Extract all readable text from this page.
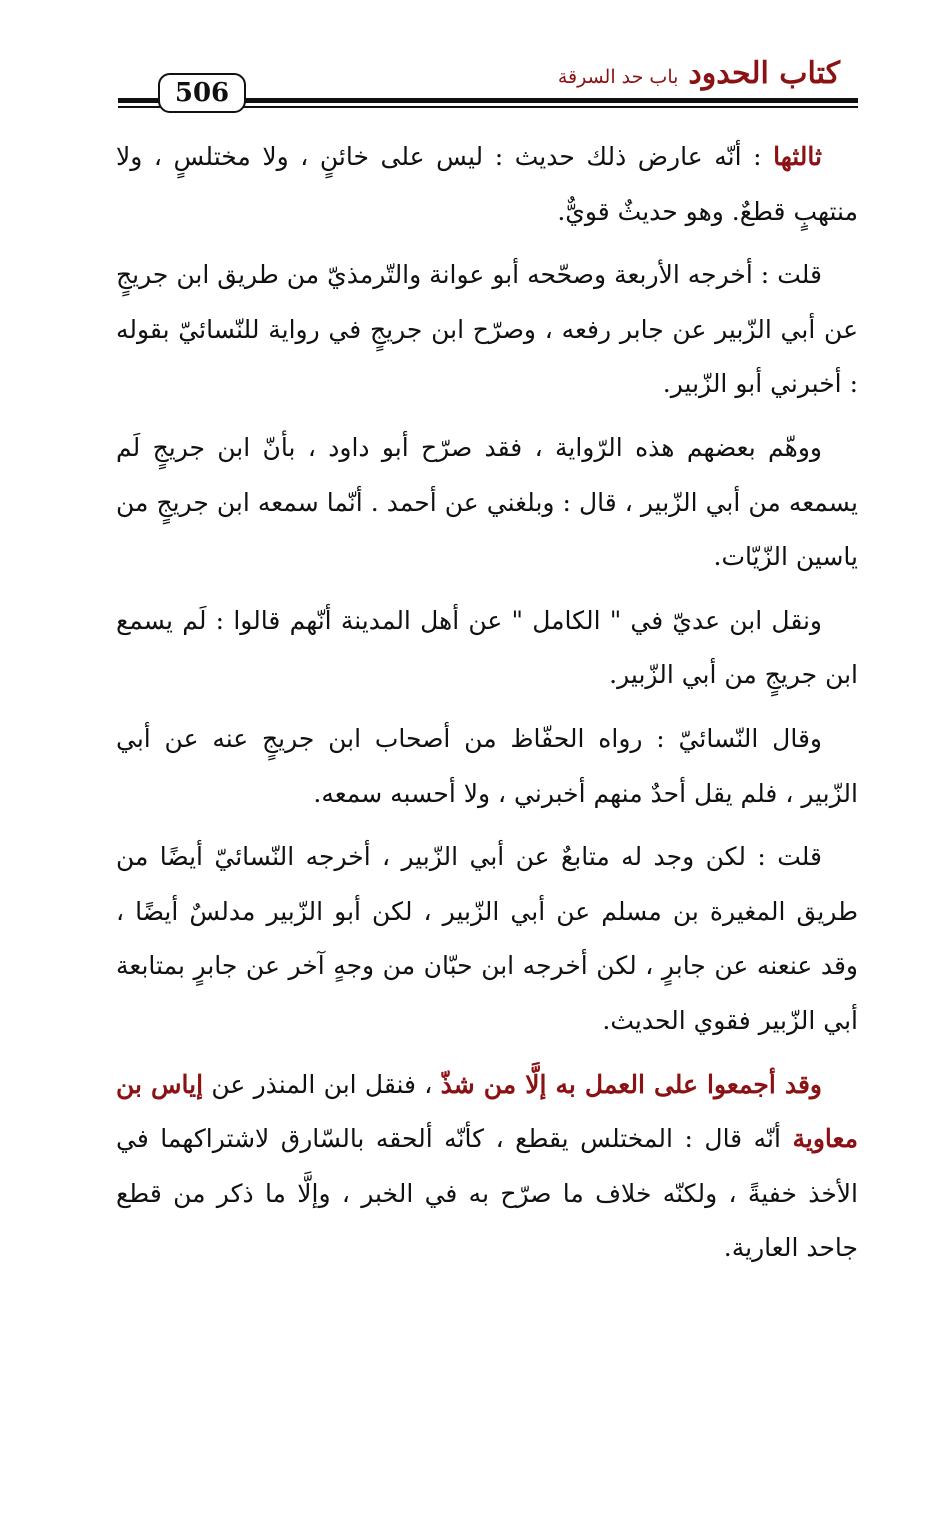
كتاب الحدودباب حد السرقة
506

ثالثها : أنّه عارض ذلك حديث : ليس على خائنٍ ، ولا مختلسٍ ، ولا منتهبٍ قطعٌ. وهو حديثٌ قويٌّ.

قلت : أخرجه الأربعة وصحّحه أبو عوانة والتّرمذيّ من طريق ابن جريجٍ عن أبي الزّبير عن جابر رفعه ، وصرّح ابن جريجٍ في رواية للنّسائيّ بقوله : أخبرني أبو الزّبير.

ووهّم بعضهم هذه الرّواية ، فقد صرّح أبو داود ، بأنّ ابن جريجٍ لَم يسمعه من أبي الزّبير ، قال : وبلغني عن أحمد . أنّما سمعه ابن جريجٍ من ياسين الزّيّات.

ونقل ابن عديّ في " الكامل " عن أهل المدينة أنّهم قالوا : لَم يسمع ابن جريجٍ من أبي الزّبير.

وقال النّسائيّ : رواه الحفّاظ من أصحاب ابن جريجٍ عنه عن أبي الزّبير ، فلم يقل أحدٌ منهم أخبرني ، ولا أحسبه سمعه.

قلت : لكن وجد له متابعٌ عن أبي الزّبير ، أخرجه النّسائيّ أيضًا من طريق المغيرة بن مسلم عن أبي الزّبير ، لكن أبو الزّبير مدلسٌ أيضًا ، وقد عنعنه عن جابرٍ ، لكن أخرجه ابن حبّان من وجهٍ آخر عن جابرٍ بمتابعة أبي الزّبير فقوي الحديث.

وقد أجمعوا على العمل به إلَّا من شذّ ، فنقل ابن المنذر عن إياس بن معاوية أنّه قال : المختلس يقطع ، كأنّه ألحقه بالسّارق لاشتراكهما في الأخذ خفيةً ، ولكنّه خلاف ما صرّح به في الخبر ، وإلَّا ما ذكر من قطع جاحد العارية.
